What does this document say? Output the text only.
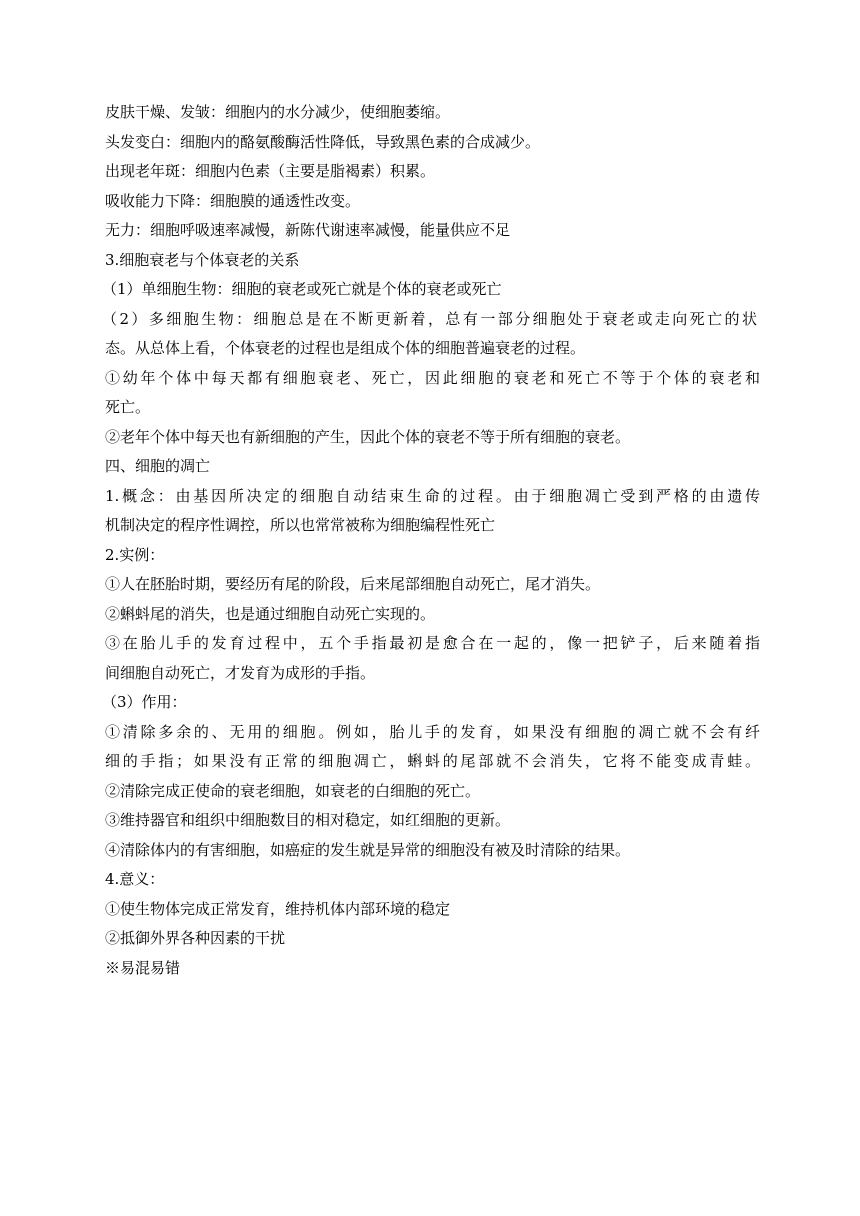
皮肤干燥、发皱：细胞内的水分减少，使细胞萎缩。
头发变白：细胞内的酪氨酸酶活性降低，导致黑色素的合成减少。
出现老年斑：细胞内色素（主要是脂褐素）积累。
吸收能力下降：细胞膜的通透性改变。
无力：细胞呼吸速率减慢，新陈代谢速率减慢，能量供应不足
3.细胞衰老与个体衰老的关系
（1）单细胞生物：细胞的衰老或死亡就是个体的衰老或死亡
（2）多细胞生物：细胞总是在不断更新着，总有一部分细胞处于衰老或走向死亡的状
态。从总体上看，个体衰老的过程也是组成个体的细胞普遍衰老的过程。
①幼年个体中每天都有细胞衰老、死亡，因此细胞的衰老和死亡不等于个体的衰老和
死亡。
②老年个体中每天也有新细胞的产生，因此个体的衰老不等于所有细胞的衰老。
四、细胞的凋亡
1.概念：由基因所决定的细胞自动结束生命的过程。由于细胞凋亡受到严格的由遗传
机制决定的程序性调控，所以也常常被称为细胞编程性死亡
2.实例：
①人在胚胎时期，要经历有尾的阶段，后来尾部细胞自动死亡，尾才消失。
②蝌蚪尾的消失，也是通过细胞自动死亡实现的。
③在胎儿手的发育过程中，五个手指最初是愈合在一起的，像一把铲子，后来随着指
间细胞自动死亡，才发育为成形的手指。
（3）作用：
①清除多余的、无用的细胞。例如，胎儿手的发育，如果没有细胞的凋亡就不会有纤
细的手指；如果没有正常的细胞凋亡，蝌蚪的尾部就不会消失，它将不能变成青蛙。
②清除完成正使命的衰老细胞，如衰老的白细胞的死亡。
③维持器官和组织中细胞数目的相对稳定，如红细胞的更新。
④清除体内的有害细胞，如癌症的发生就是异常的细胞没有被及时清除的结果。
4.意义：
①使生物体完成正常发育，维持机体内部环境的稳定
②抵御外界各种因素的干扰
※易混易错
